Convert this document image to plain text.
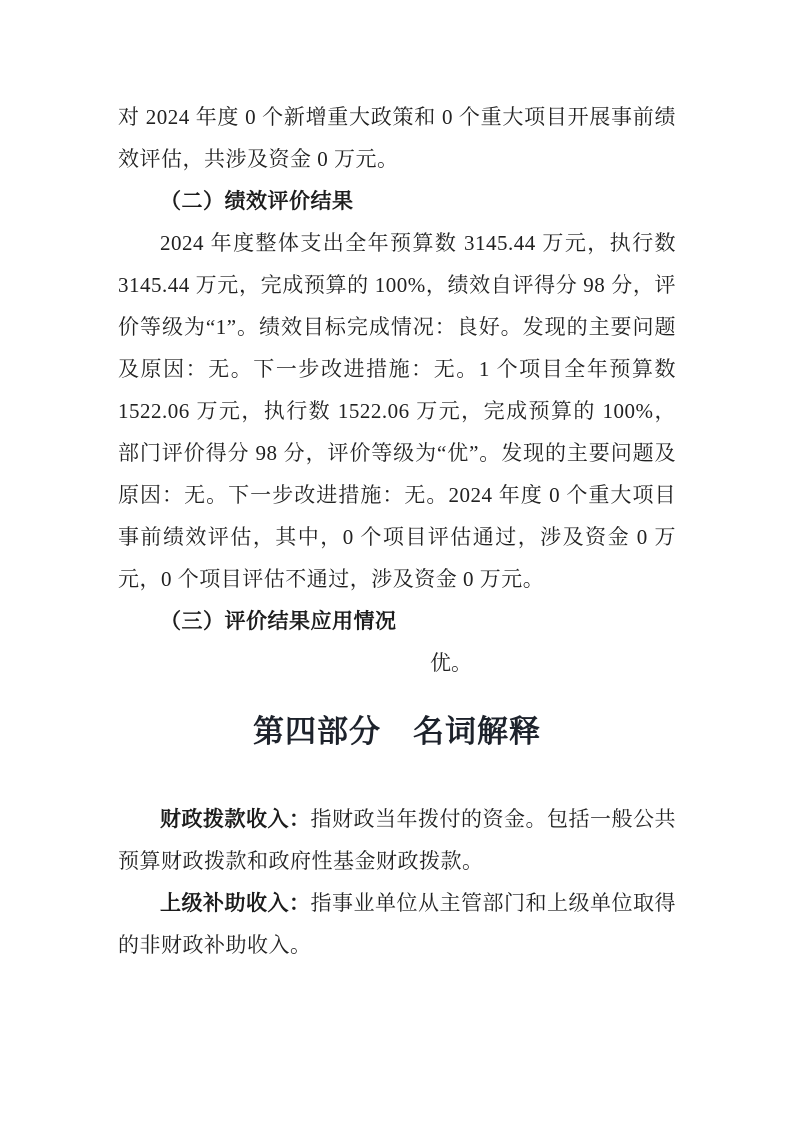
对 2024 年度 0 个新增重大政策和 0 个重大项目开展事前绩效评估，共涉及资金 0 万元。

（二）绩效评价结果

2024 年度整体支出全年预算数 3145.44 万元，执行数 3145.44 万元，完成预算的 100%，绩效自评得分 98 分，评价等级为“1”。绩效目标完成情况：良好。发现的主要问题及原因：无。下一步改进措施：无。1 个项目全年预算数 1522.06 万元，执行数 1522.06 万元，完成预算的 100%，部门评价得分 98 分，评价等级为“优”。发现的主要问题及原因：无。下一步改进措施：无。2024 年度 0 个重大项目事前绩效评估，其中，0 个项目评估通过，涉及资金 0 万元，0 个项目评估不通过，涉及资金 0 万元。

（三）评价结果应用情况

优。

第四部分　名词解释

财政拨款收入：指财政当年拨付的资金。包括一般公共预算财政拨款和政府性基金财政拨款。

上级补助收入：指事业单位从主管部门和上级单位取得的非财政补助收入。
